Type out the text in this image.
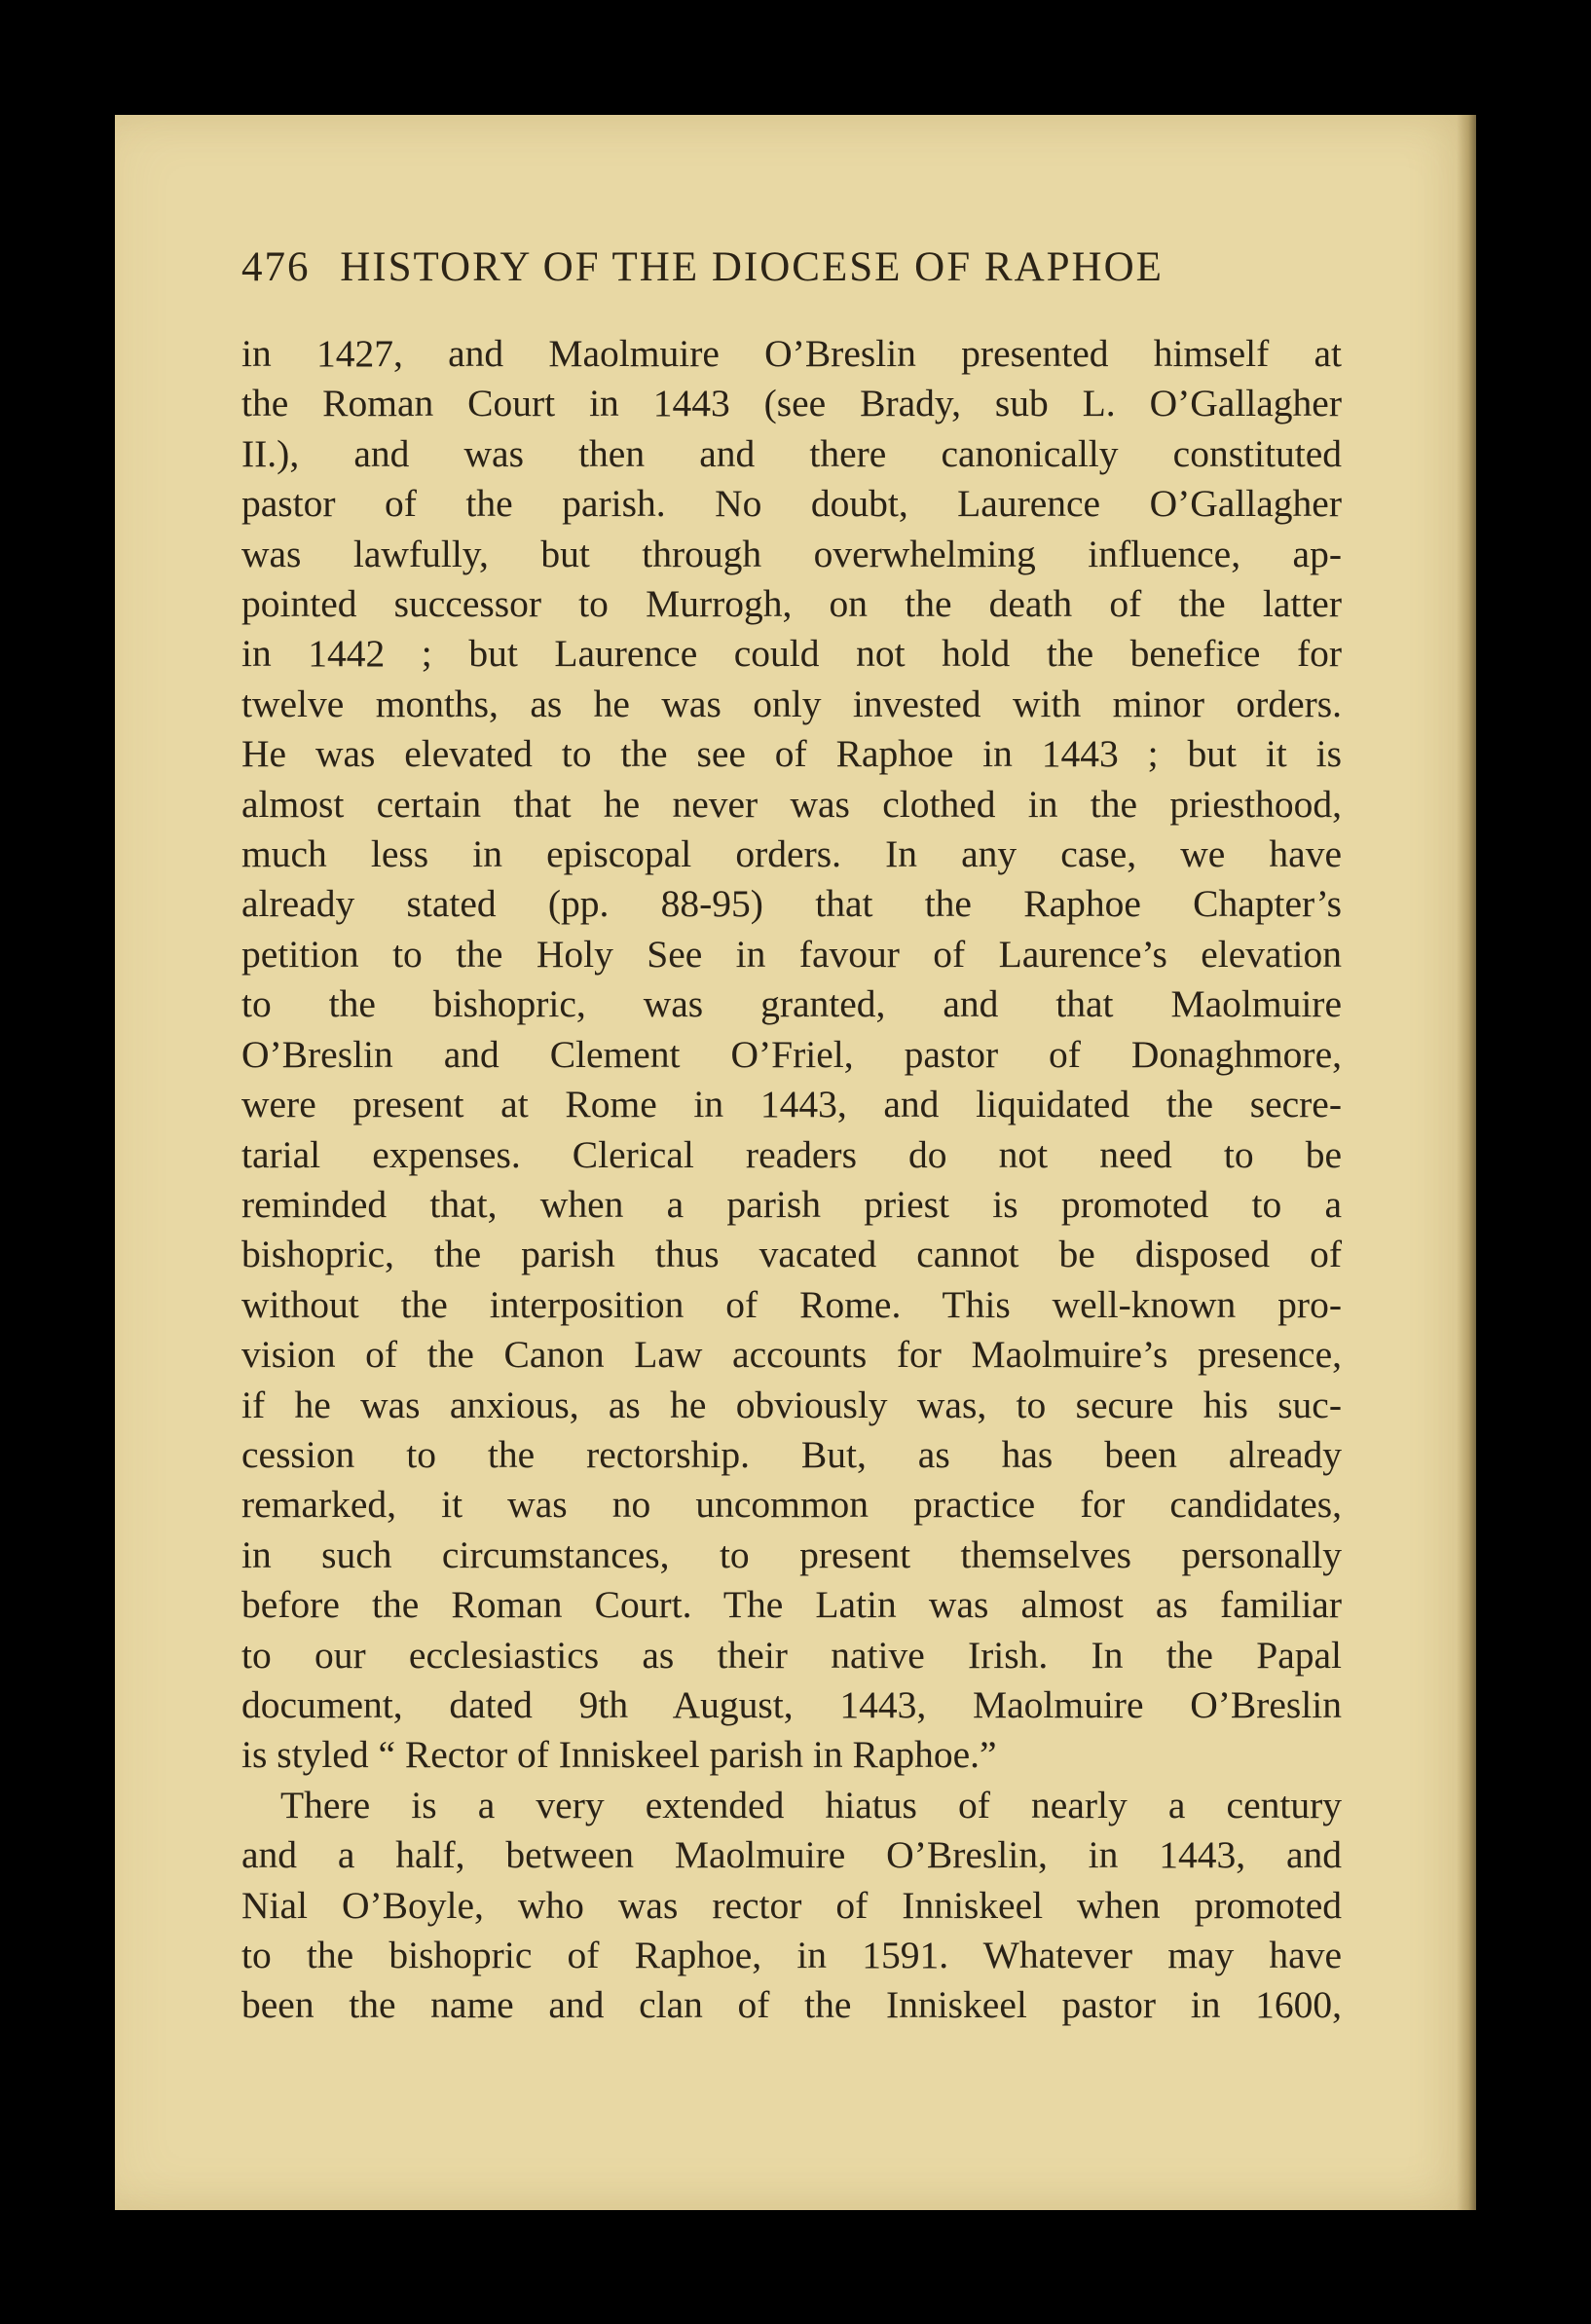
476 HISTORY OF THE DIOCESE OF RAPHOE
in 1427, and Maolmuire O’Breslin presented himself at
the Roman Court in 1443 (see Brady, sub L. O’Gallagher
II.), and was then and there canonically constituted
pastor of the parish. No doubt, Laurence O’Gallagher
was lawfully, but through overwhelming influence, ap-
pointed successor to Murrogh, on the death of the latter
in 1442 ; but Laurence could not hold the benefice for
twelve months, as he was only invested with minor orders.
He was elevated to the see of Raphoe in 1443 ; but it is
almost certain that he never was clothed in the priesthood,
much less in episcopal orders. In any case, we have
already stated (pp. 88-95) that the Raphoe Chapter’s
petition to the Holy See in favour of Laurence’s elevation
to the bishopric, was granted, and that Maolmuire
O’Breslin and Clement O’Friel, pastor of Donaghmore,
were present at Rome in 1443, and liquidated the secre-
tarial expenses. Clerical readers do not need to be
reminded that, when a parish priest is promoted to a
bishopric, the parish thus vacated cannot be disposed of
without the interposition of Rome. This well-known pro-
vision of the Canon Law accounts for Maolmuire’s presence,
if he was anxious, as he obviously was, to secure his suc-
cession to the rectorship. But, as has been already
remarked, it was no uncommon practice for candidates,
in such circumstances, to present themselves personally
before the Roman Court. The Latin was almost as familiar
to our ecclesiastics as their native Irish. In the Papal
document, dated 9th August, 1443, Maolmuire O’Breslin
is styled “ Rector of Inniskeel parish in Raphoe.”
There is a very extended hiatus of nearly a century
and a half, between Maolmuire O’Breslin, in 1443, and
Nial O’Boyle, who was rector of Inniskeel when promoted
to the bishopric of Raphoe, in 1591. Whatever may have
been the name and clan of the Inniskeel pastor in 1600,
